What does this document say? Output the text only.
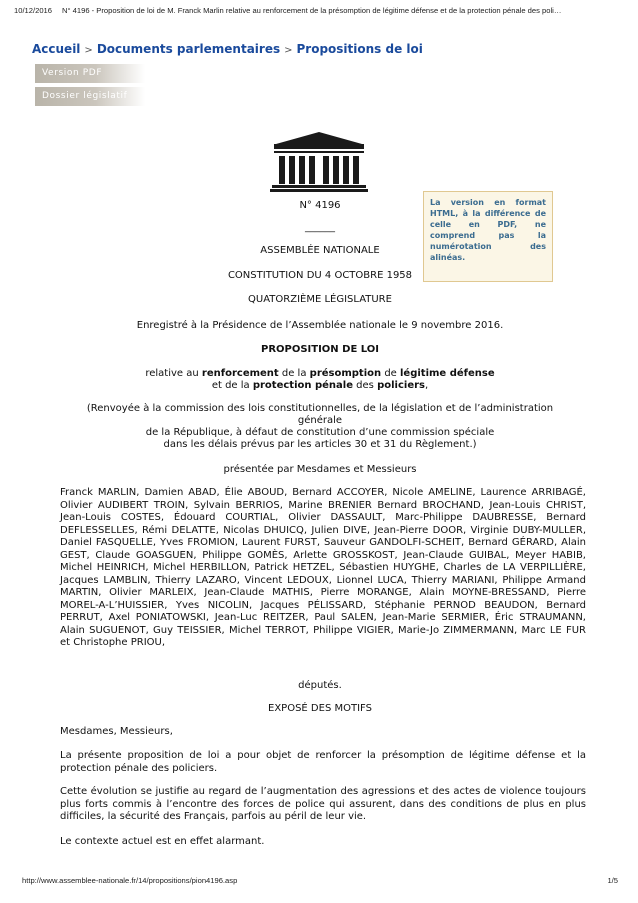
10/12/2016 N° 4196 - Proposition de loi de M. Franck Marlin relative au renforcement de la présomption de légitime défense et de la protection pénale des poli…
Accueil > Documents parlementaires > Propositions de loi
Version PDF
Dossier législatif
La version en format HTML, à la différence de celle en PDF, ne comprend pas la numérotation des alinéas.
N° 4196
______
ASSEMBLÉE NATIONALE
CONSTITUTION DU 4 OCTOBRE 1958
QUATORZIÈME LÉGISLATURE
Enregistré à la Présidence de l’Assemblée nationale le 9 novembre 2016.
PROPOSITION DE LOI
relative au renforcement de la présomption de légitime défense
et de la protection pénale des policiers,
(Renvoyée à la commission des lois constitutionnelles, de la législation et de l’administration
générale
de la République, à défaut de constitution d’une commission spéciale
dans les délais prévus par les articles 30 et 31 du Règlement.)
présentée par Mesdames et Messieurs
Franck MARLIN, Damien ABAD, Élie ABOUD, Bernard ACCOYER, Nicole AMELINE, Laurence ARRIBAGÉ, Olivier AUDIBERT TROIN, Sylvain BERRIOS, Marine BRENIER Bernard BROCHAND, Jean-Louis CHRIST, Jean-Louis COSTES, Édouard COURTIAL, Olivier DASSAULT, Marc-Philippe DAUBRESSE, Bernard DEFLESSELLES, Rémi DELATTE, Nicolas DHUICQ, Julien DIVE, Jean-Pierre DOOR, Virginie DUBY-MULLER, Daniel FASQUELLE, Yves FROMION, Laurent FURST, Sauveur GANDOLFI-SCHEIT, Bernard GÉRARD, Alain GEST, Claude GOASGUEN, Philippe GOMÈS, Arlette GROSSKOST, Jean-Claude GUIBAL, Meyer HABIB, Michel HEINRICH, Michel HERBILLON, Patrick HETZEL, Sébastien HUYGHE, Charles de LA VERPILLIÈRE, Jacques LAMBLIN, Thierry LAZARO, Vincent LEDOUX, Lionnel LUCA, Thierry MARIANI, Philippe Armand MARTIN, Olivier MARLEIX, Jean-Claude MATHIS, Pierre MORANGE, Alain MOYNE-BRESSAND, Pierre MOREL-A-L’HUISSIER, Yves NICOLIN, Jacques PÉLISSARD, Stéphanie PERNOD BEAUDON, Bernard PERRUT, Axel PONIATOWSKI, Jean-Luc REITZER, Paul SALEN, Jean-Marie SERMIER, Éric STRAUMANN, Alain SUGUENOT, Guy TEISSIER, Michel TERROT, Philippe VIGIER, Marie-Jo ZIMMERMANN, Marc LE FUR et Christophe PRIOU,
députés.
EXPOSÉ DES MOTIFS
Mesdames, Messieurs,
La présente proposition de loi a pour objet de renforcer la présomption de légitime défense et la protection pénale des policiers.
Cette évolution se justifie au regard de l’augmentation des agressions et des actes de violence toujours plus forts commis à l’encontre des forces de police qui assurent, dans des conditions de plus en plus difficiles, la sécurité des Français, parfois au péril de leur vie.
Le contexte actuel est en effet alarmant.
http://www.assemblee-nationale.fr/14/propositions/pion4196.asp	1/5
